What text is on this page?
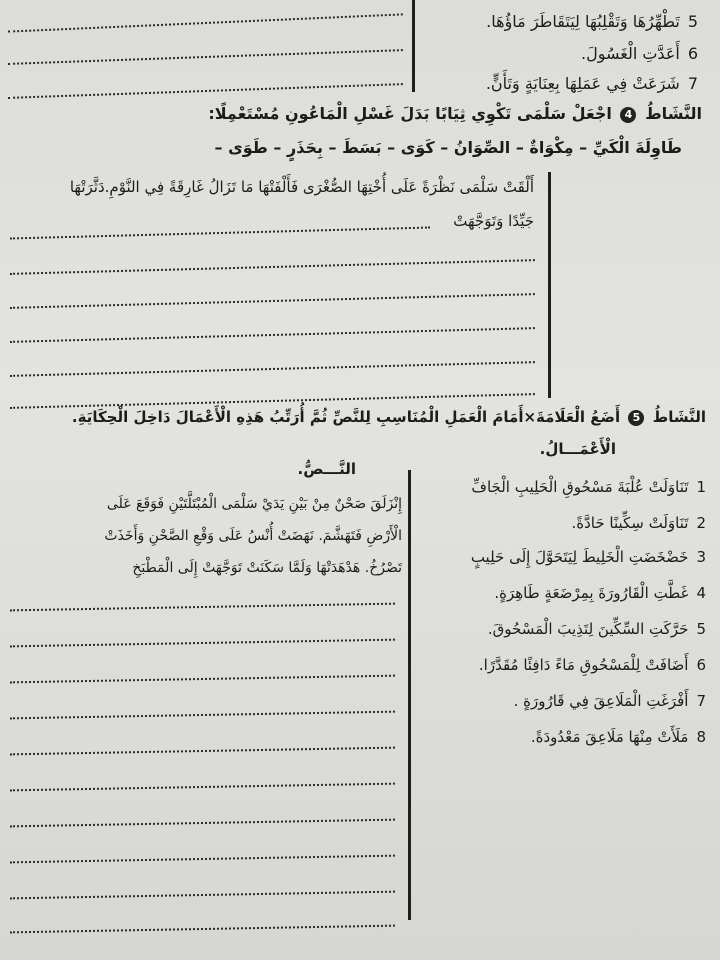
5تَطْهِّرُهَا وَتَقْلِبُهَا لِيَتَقَاطَرَ مَاؤُهَا.
6أَعَدَّتِ الْغَسُولَ.
7شَرَعَتْ فِي عَمَلِهَا بِعِنَايَةٍ وَتَأَنٍّ.
النَّشَاطُ 4 اجْعَلْ سَلْمَى تَكْوِي ثِيَابًا بَدَلَ غَسْلِ الْمَاعُونِ مُسْتَعْمِلًا:
طَاوِلَةَ الْكَيِّ – مِكْوَاةٌ – الصِّوَانُ – كَوَى – بَسَطَ – بِحَذَرٍ – طَوَى –
أَلْقَتْ سَلْمَى نَظْرَةً عَلَى أُخْتِهَا الصُّغْرَى فَأَلْفَتْهَا مَا تَزَالُ غَارِقَةً فِي النَّوْمِ.دَثَّرَتْهَا
جَيِّدًا وَتَوَجَّهَتْ
النَّشَاطُ 5 أَضَعُ الْعَلَامَةَ×أَمَامَ الْعَمَلِ الْمُنَاسِبِ لِلنَّصِّ ثُمَّ أُرَتِّبُ هَذِهِ الْأَعْمَالَ دَاخِلَ الْحِكَايَةِ.
الْأَعْمَـــالُ.
النَّـــصُّ.
إِنْزَلَقَ صَحْنٌ مِنْ بَيْنِ يَدَيْ سَلْمَى الْمُبْتَلَّتَيْنِ فَوَقَعَ عَلَى
الْأَرْضِ فَتَهَشَّمَ. نَهَضَتْ أُنْسُ عَلَى وَقْعِ الصَّحْنِ وَأَخَذَتْ
تَصْرُخُ. هَدْهَدَتْهَا وَلَمَّا سَكَنَتْ تَوَجَّهَتْ إِلَى الْمَطْبَخِ
1تَنَاوَلَتْ عُلْبَةَ مَسْحُوقِ الْحَلِيبِ الْجَافِّ
2تَنَاوَلَتْ سِكِّينًا حَادَّةً.
3خَضْخَضَتِ الْخَلِيطَ لِيَتَحَوَّلَ إِلَى حَلِيبٍ
4غَطَّتِ الْقَارُورَةَ بِمِرْضَعَةٍ طَاهِرَةٍ.
5حَرَّكَتِ السِّكِّينَ لِتَذِيبَ الْمَسْحُوقَ.
6أَضَافَتْ لِلْمَسْحُوقِ مَاءً دَافِئًا مُقَدَّرًا.
7أَفْرَغَتِ الْمَلَاعِقَ فِي قَارُورَةٍ .
8مَلَأَتْ مِنْهَا مَلَاعِقَ مَعْدُودَةً.
